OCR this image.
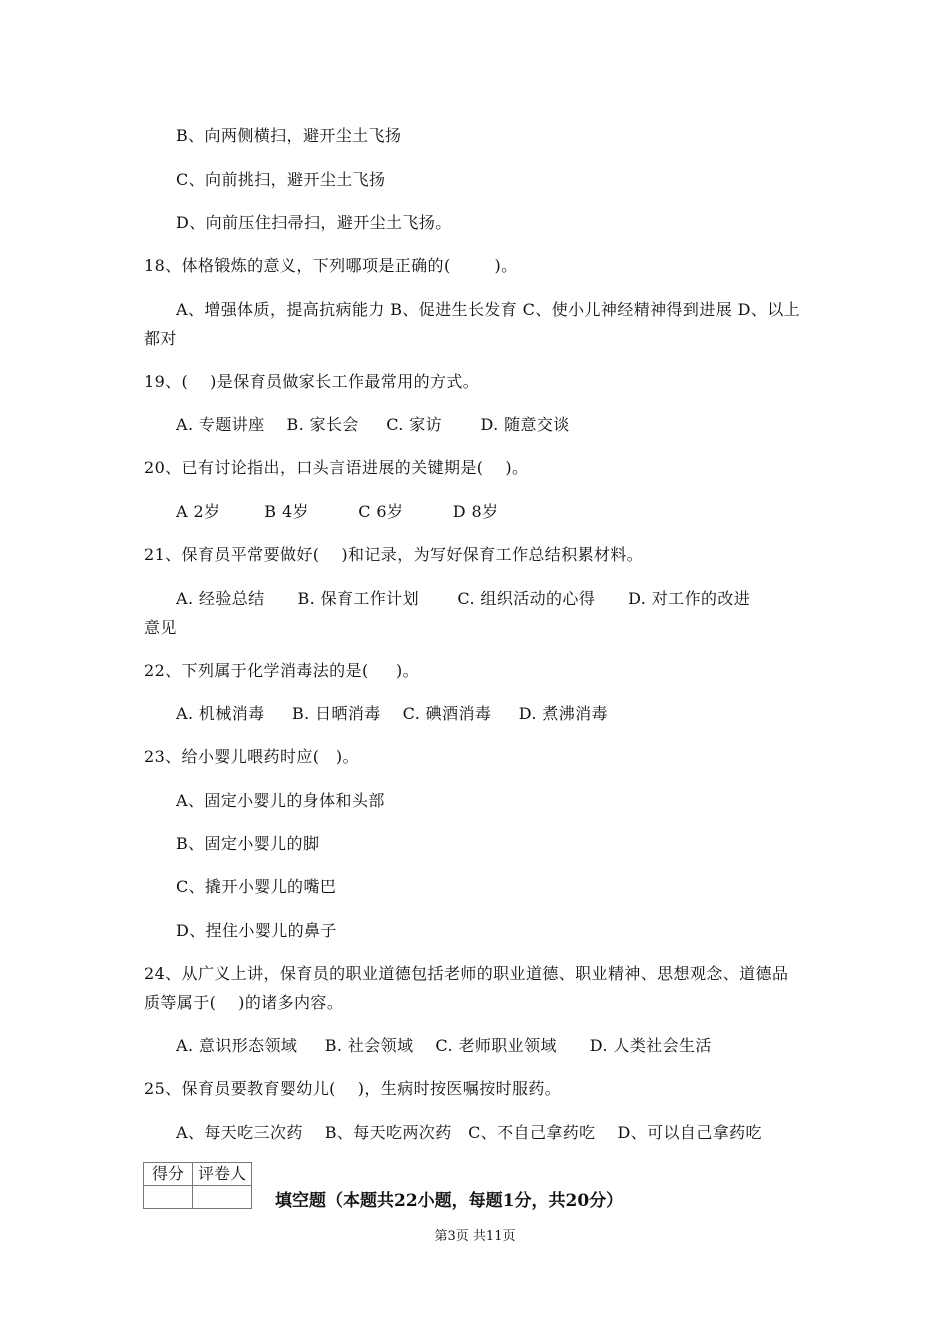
B、向两侧横扫，避开尘土飞扬
C、向前挑扫，避开尘土飞扬
D、向前压住扫帚扫，避开尘土飞扬。
18、体格锻炼的意义，下列哪项是正确的(        )。
A、增强体质，提高抗病能力 B、促进生长发育 C、使小儿神经精神得到进展 D、以上
都对
19、(    )是保育员做家长工作最常用的方式。
A. 专题讲座    B. 家长会     C. 家访       D. 随意交谈
20、已有讨论指出，口头言语进展的关键期是(    )。
A 2岁        B 4岁         C 6岁         D 8岁
21、保育员平常要做好(    )和记录，为写好保育工作总结积累材料。
A. 经验总结      B. 保育工作计划       C. 组织活动的心得      D. 对工作的改进
意见
22、下列属于化学消毒法的是(     )。
A. 机械消毒     B. 日晒消毒    C. 碘酒消毒     D. 煮沸消毒
23、给小婴儿喂药时应(   )。
A、固定小婴儿的身体和头部
B、固定小婴儿的脚
C、撬开小婴儿的嘴巴
D、捏住小婴儿的鼻子
24、从广义上讲，保育员的职业道德包括老师的职业道德、职业精神、思想观念、道德品
质等属于(    )的诸多内容。
A. 意识形态领域     B. 社会领域    C. 老师职业领域      D. 人类社会生活
25、保育员要教育婴幼儿(    )，生病时按医嘱按时服药。
A、每天吃三次药    B、每天吃两次药   C、不自己拿药吃    D、可以自己拿药吃
得分	评卷人

填空题（本题共22小题，每题1分，共20分）
第3页 共11页
